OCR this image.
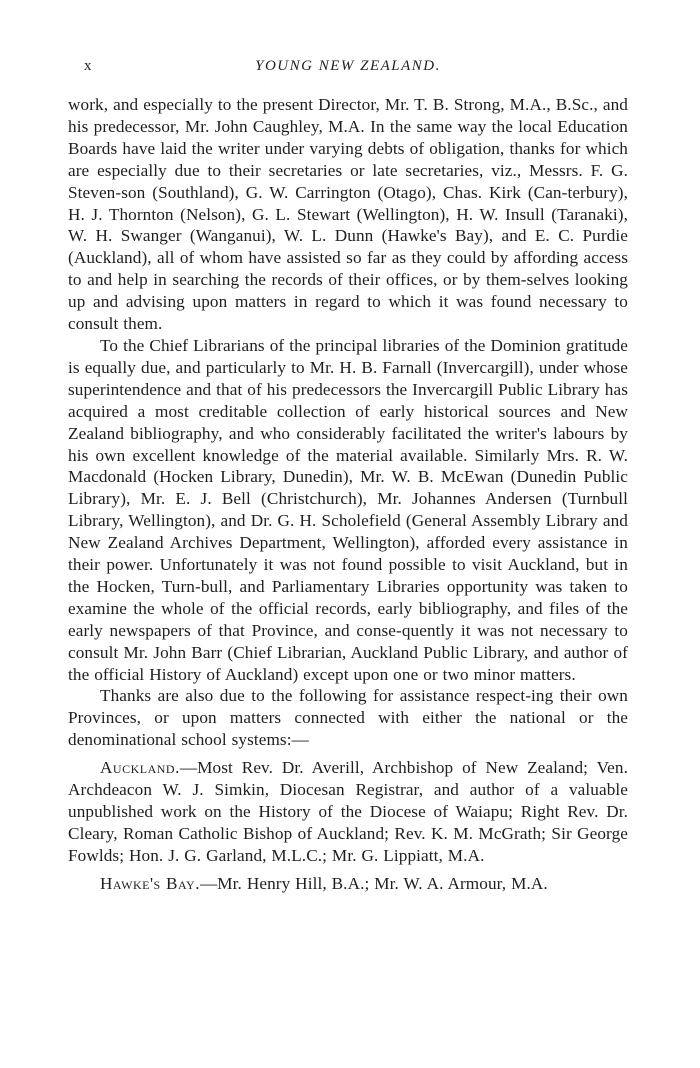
x	YOUNG NEW ZEALAND.

work, and especially to the present Director, Mr. T. B. Strong, M.A., B.Sc., and his predecessor, Mr. John Caughley, M.A. In the same way the local Education Boards have laid the writer under varying debts of obligation, thanks for which are especially due to their secretaries or late secretaries, viz., Messrs. F. G. Steven-son (Southland), G. W. Carrington (Otago), Chas. Kirk (Can-terbury), H. J. Thornton (Nelson), G. L. Stewart (Wellington), H. W. Insull (Taranaki), W. H. Swanger (Wanganui), W. L. Dunn (Hawke's Bay), and E. C. Purdie (Auckland), all of whom have assisted so far as they could by affording access to and help in searching the records of their offices, or by them-selves looking up and advising upon matters in regard to which it was found necessary to consult them.

To the Chief Librarians of the principal libraries of the Dominion gratitude is equally due, and particularly to Mr. H. B. Farnall (Invercargill), under whose superintendence and that of his predecessors the Invercargill Public Library has acquired a most creditable collection of early historical sources and New Zealand bibliography, and who considerably facilitated the writer's labours by his own excellent knowledge of the material available. Similarly Mrs. R. W. Macdonald (Hocken Library, Dunedin), Mr. W. B. McEwan (Dunedin Public Library), Mr. E. J. Bell (Christchurch), Mr. Johannes Andersen (Turnbull Library, Wellington), and Dr. G. H. Scholefield (General Assembly Library and New Zealand Archives Department, Wellington), afforded every assistance in their power. Unfortunately it was not found possible to visit Auckland, but in the Hocken, Turn-bull, and Parliamentary Libraries opportunity was taken to examine the whole of the official records, early bibliography, and files of the early newspapers of that Province, and conse-quently it was not necessary to consult Mr. John Barr (Chief Librarian, Auckland Public Library, and author of the official History of Auckland) except upon one or two minor matters.

Thanks are also due to the following for assistance respect-ing their own Provinces, or upon matters connected with either the national or the denominational school systems:—

Auckland.—Most Rev. Dr. Averill, Archbishop of New Zealand; Ven. Archdeacon W. J. Simkin, Diocesan Registrar, and author of a valuable unpublished work on the History of the Diocese of Waiapu; Right Rev. Dr. Cleary, Roman Catholic Bishop of Auckland; Rev. K. M. McGrath; Sir George Fowlds; Hon. J. G. Garland, M.L.C.; Mr. G. Lippiatt, M.A.

Hawke's Bay.—Mr. Henry Hill, B.A.; Mr. W. A. Armour, M.A.
